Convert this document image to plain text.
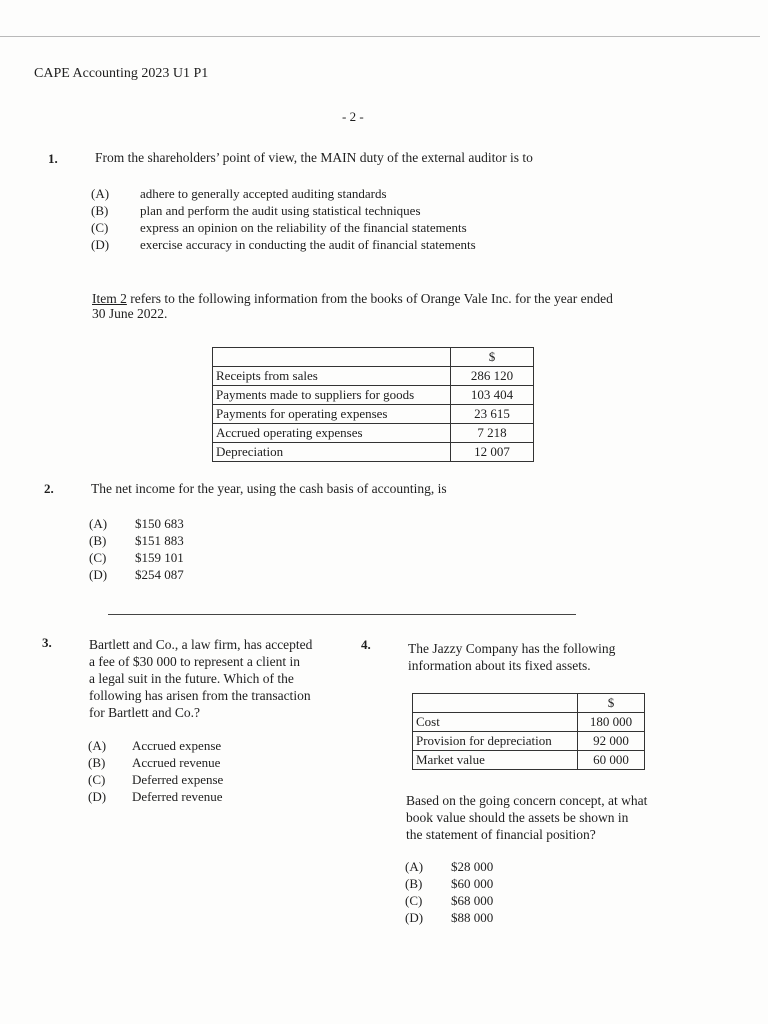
CAPE Accounting 2023 U1 P1
- 2 -
1.	From the shareholders’ point of view, the MAIN duty of the external auditor is to
(A)	adhere to generally accepted auditing standards
(B)	plan and perform the audit using statistical techniques
(C)	express an opinion on the reliability of the financial statements
(D)	exercise accuracy in conducting the audit of financial statements
Item 2 refers to the following information from the books of Orange Vale Inc. for the year ended
30 June 2022.
	$
Receipts from sales	286 120
Payments made to suppliers for goods	103 404
Payments for operating expenses	23 615
Accrued operating expenses	7 218
Depreciation	12 007
2.	The net income for the year, using the cash basis of accounting, is
(A)	$150 683
(B)	$151 883
(C)	$159 101
(D)	$254 087
3.	Bartlett and Co., a law firm, has accepted
a fee of $30 000 to represent a client in
a legal suit in the future. Which of the
following has arisen from the transaction
for Bartlett and Co.?
(A)	Accrued expense
(B)	Accrued revenue
(C)	Deferred expense
(D)	Deferred revenue
4.	The Jazzy Company has the following
information about its fixed assets.
	$
Cost	180 000
Provision for depreciation	92 000
Market value	60 000
Based on the going concern concept, at what
book value should the assets be shown in
the statement of financial position?
(A)	$28 000
(B)	$60 000
(C)	$68 000
(D)	$88 000
